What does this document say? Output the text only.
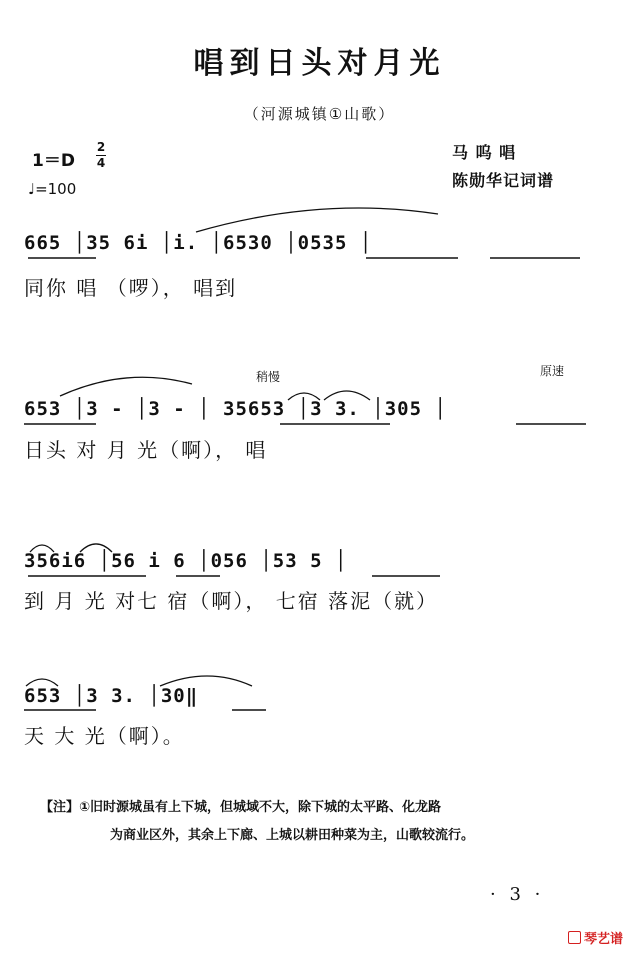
唱到日头对月光
（河源城镇①山歌）
1＝D
2
4
♩=100
马 呜 唱
陈勋华记词谱
稍慢	原速
665 │35 6i │i. │6530 │0535 │
同你 唱 （啰）， 唱到
653 │3 - │3 - │ 35653 │3 3. │305 │
日头 对 月 光（啊）， 唱
356i6 │56 i 6 │056 │53 5 │
到 月 光 对七 宿（啊）， 七宿 落泥（就）
653 │3 3. │30‖
天 大 光（啊）。
【注】①旧时源城虽有上下城，但城域不大，除下城的太平路、化龙路
为商业区外，其余上下廊、上城以耕田种菜为主，山歌较流行。
· 3 ·
琴艺谱
